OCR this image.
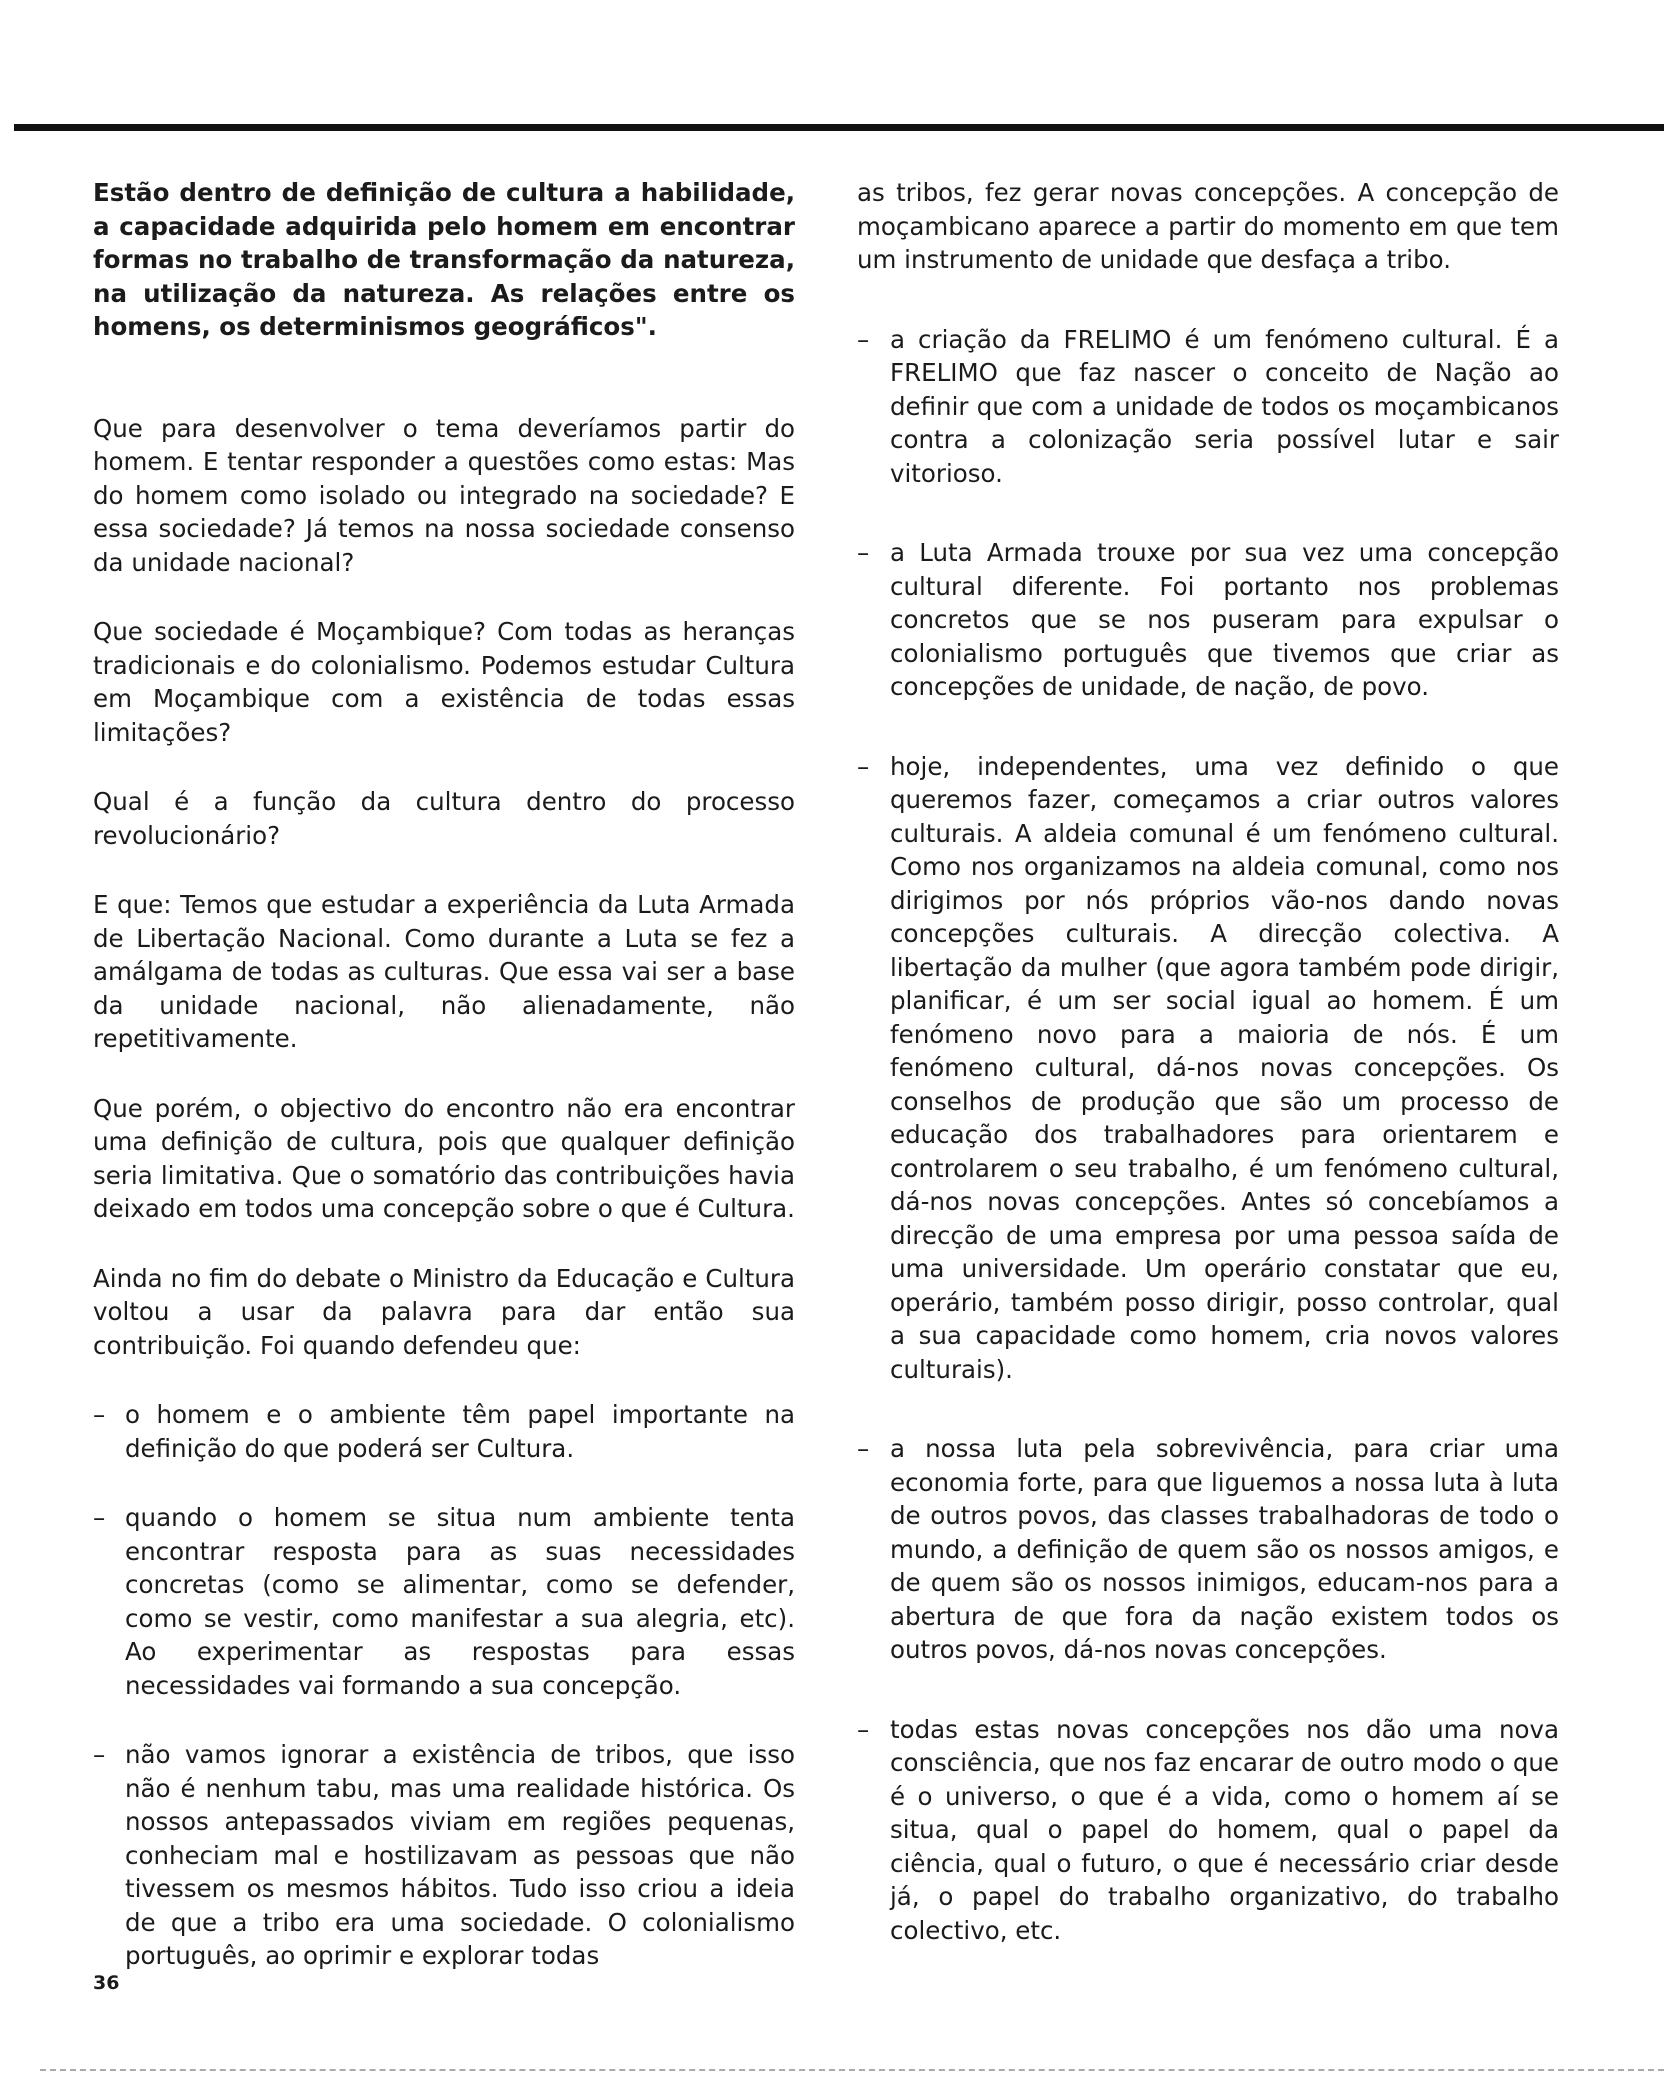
Estão dentro de definição de cultura a habilidade, a capacidade adquirida pelo homem em encontrar formas no trabalho de transformação da natureza, na utilização da natureza. As relações entre os homens, os determinismos geográficos".

Que para desenvolver o tema deveríamos partir do homem. E tentar responder a questões como estas: Mas do homem como isolado ou integrado na sociedade? E essa sociedade? Já temos na nossa sociedade consenso da unidade nacional?

Que sociedade é Moçambique? Com todas as heranças tradicionais e do colonialismo. Podemos estudar Cultura em Moçambique com a existência de todas essas limitações?

Qual é a função da cultura dentro do processo revolucionário?

E que: Temos que estudar a experiência da Luta Armada de Libertação Nacional. Como durante a Luta se fez a amálgama de todas as culturas. Que essa vai ser a base da unidade nacional, não alienadamente, não repetitivamente.

Que porém, o objectivo do encontro não era encontrar uma definição de cultura, pois que qualquer definição seria limitativa. Que o somatório das contribuições havia deixado em todos uma concepção sobre o que é Cultura.

Ainda no fim do debate o Ministro da Educação e Cultura voltou a usar da palavra para dar então sua contribuição. Foi quando defendeu que:

– o homem e o ambiente têm papel importante na definição do que poderá ser Cultura.
– quando o homem se situa num ambiente tenta encontrar resposta para as suas necessidades concretas (como se alimentar, como se defender, como se vestir, como manifestar a sua alegria, etc). Ao experimentar as respostas para essas necessidades vai formando a sua concepção.
– não vamos ignorar a existência de tribos, que isso não é nenhum tabu, mas uma realidade histórica. Os nossos antepassados viviam em regiões pequenas, conheciam mal e hostilizavam as pessoas que não tivessem os mesmos hábitos. Tudo isso criou a ideia de que a tribo era uma sociedade. O colonialismo português, ao oprimir e explorar todas

as tribos, fez gerar novas concepções. A concepção de moçambicano aparece a partir do momento em que tem um instrumento de unidade que desfaça a tribo.

– a criação da FRELIMO é um fenómeno cultural. É a FRELIMO que faz nascer o conceito de Nação ao definir que com a unidade de todos os moçambicanos contra a colonização seria possível lutar e sair vitorioso.
– a Luta Armada trouxe por sua vez uma concepção cultural diferente. Foi portanto nos problemas concretos que se nos puseram para expulsar o colonialismo português que tivemos que criar as concepções de unidade, de nação, de povo.
– hoje, independentes, uma vez definido o que queremos fazer, começamos a criar outros valores culturais. A aldeia comunal é um fenómeno cultural. Como nos organizamos na aldeia comunal, como nos dirigimos por nós próprios vão-nos dando novas concepções culturais. A direcção colectiva. A libertação da mulher (que agora também pode dirigir, planificar, é um ser social igual ao homem. É um fenómeno novo para a maioria de nós. É um fenómeno cultural, dá-nos novas concepções. Os conselhos de produção que são um processo de educação dos trabalhadores para orientarem e controlarem o seu trabalho, é um fenómeno cultural, dá-nos novas concepções. Antes só concebíamos a direcção de uma empresa por uma pessoa saída de uma universidade. Um operário constatar que eu, operário, também posso dirigir, posso controlar, qual a sua capacidade como homem, cria novos valores culturais).
– a nossa luta pela sobrevivência, para criar uma economia forte, para que liguemos a nossa luta à luta de outros povos, das classes trabalhadoras de todo o mundo, a definição de quem são os nossos amigos, e de quem são os nossos inimigos, educam-nos para a abertura de que fora da nação existem todos os outros povos, dá-nos novas concepções.
– todas estas novas concepções nos dão uma nova consciência, que nos faz encarar de outro modo o que é o universo, o que é a vida, como o homem aí se situa, qual o papel do homem, qual o papel da ciência, qual o futuro, o que é necessário criar desde já, o papel do trabalho organizativo, do trabalho colectivo, etc.
36
